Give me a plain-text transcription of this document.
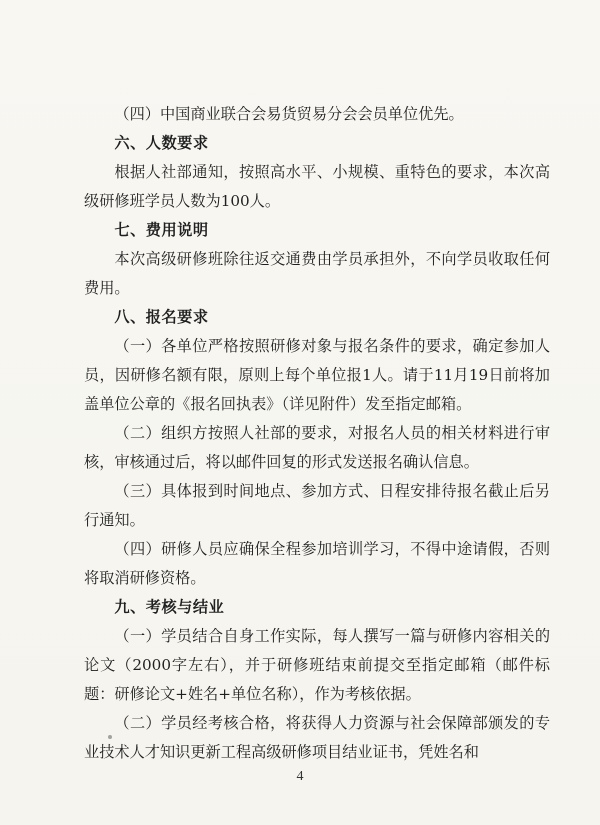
（四）中国商业联合会易货贸易分会会员单位优先。

六、人数要求

根据人社部通知，按照高水平、小规模、重特色的要求，本次高级研修班学员人数为100人。

七、费用说明

本次高级研修班除往返交通费由学员承担外，不向学员收取任何费用。

八、报名要求

（一）各单位严格按照研修对象与报名条件的要求，确定参加人员，因研修名额有限，原则上每个单位报1人。请于11月19日前将加盖单位公章的《报名回执表》（详见附件）发至指定邮箱。

（二）组织方按照人社部的要求，对报名人员的相关材料进行审核，审核通过后，将以邮件回复的形式发送报名确认信息。

（三）具体报到时间地点、参加方式、日程安排待报名截止后另行通知。

（四）研修人员应确保全程参加培训学习，不得中途请假，否则将取消研修资格。

九、考核与结业

（一）学员结合自身工作实际，每人撰写一篇与研修内容相关的论文（2000字左右），并于研修班结束前提交至指定邮箱（邮件标题：研修论文+姓名+单位名称），作为考核依据。

（二）学员经考核合格，将获得人力资源与社会保障部颁发的专业技术人才知识更新工程高级研修项目结业证书，凭姓名和

4
